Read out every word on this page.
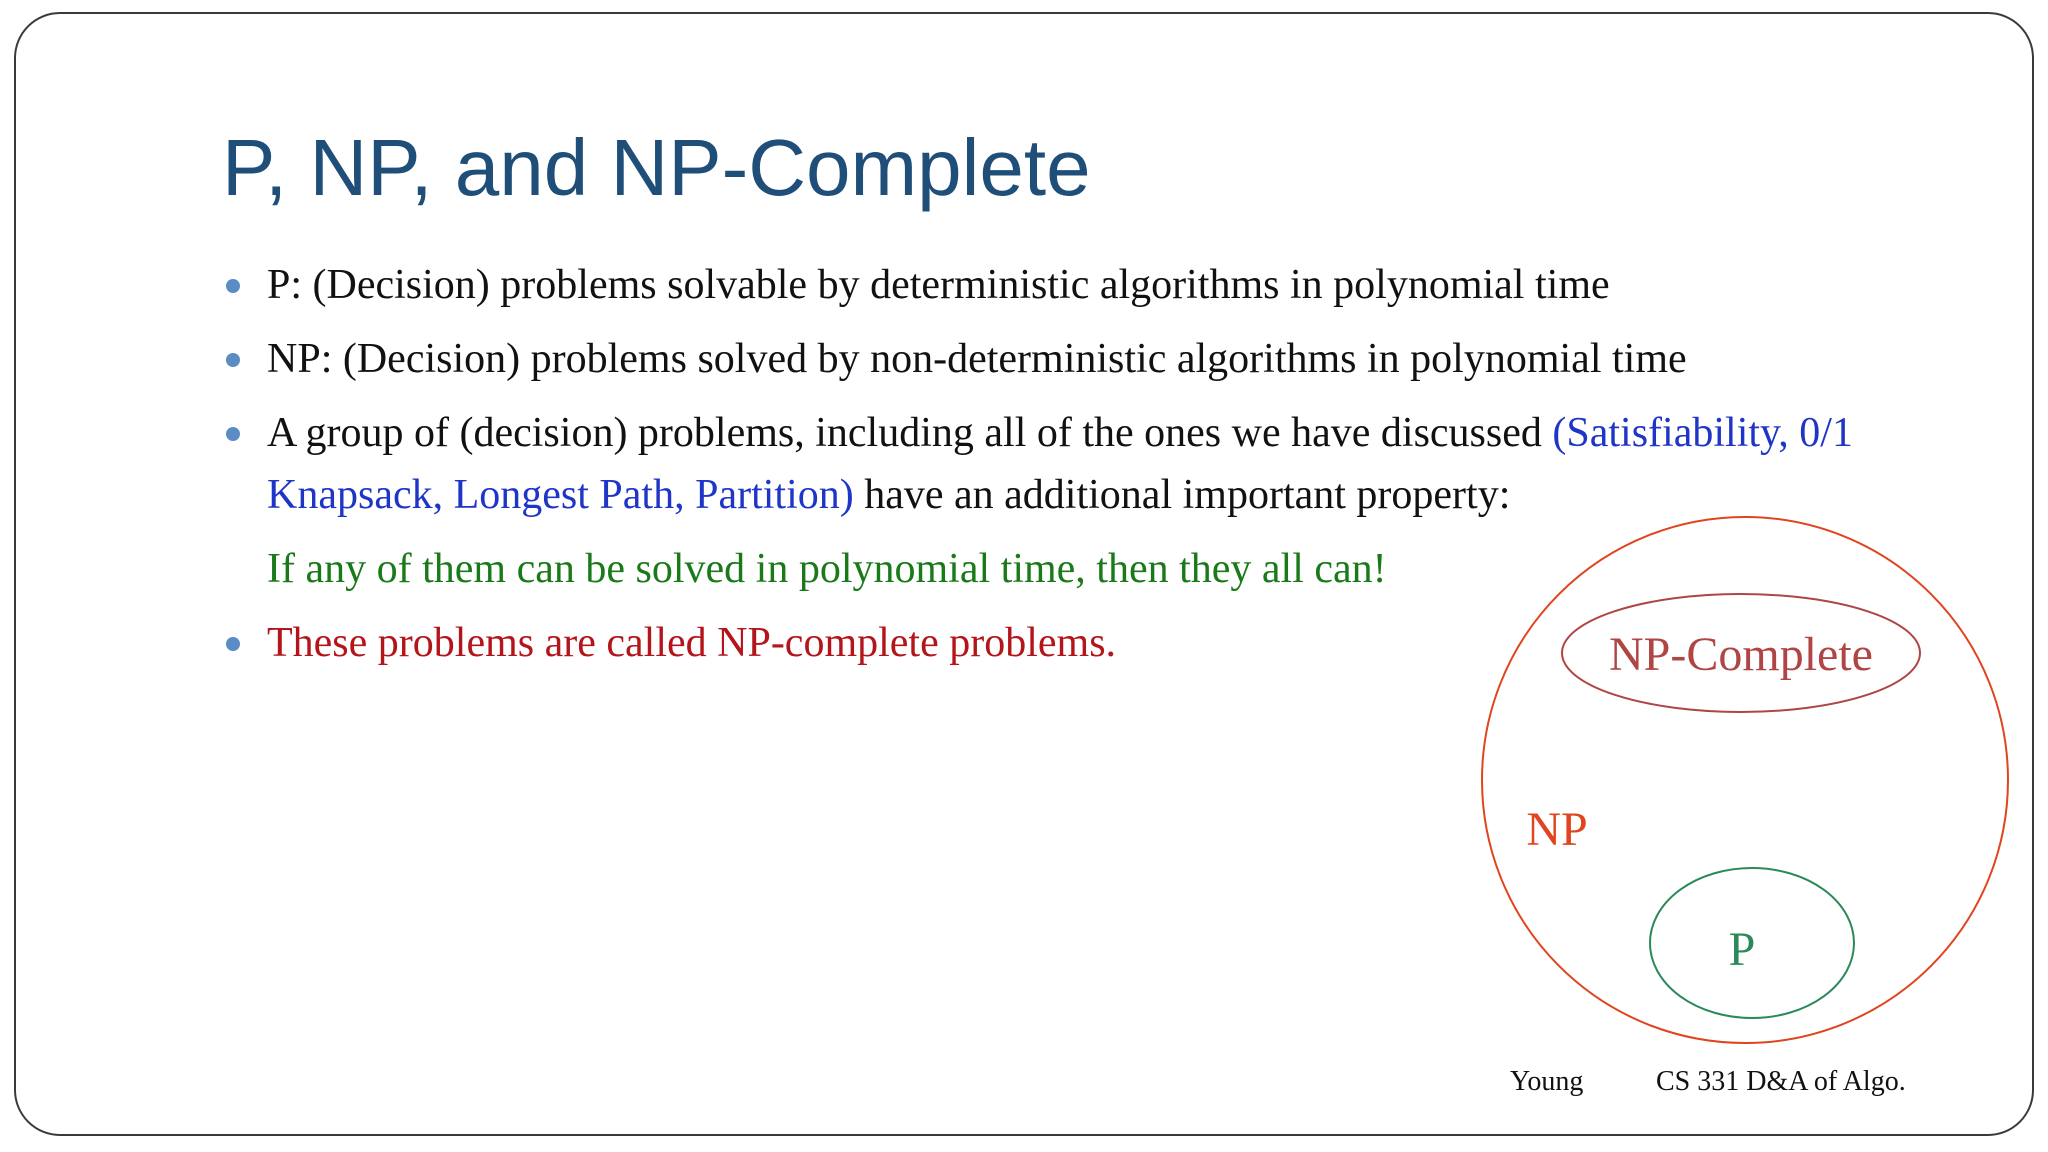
P, NP, and NP-Complete
P: (Decision) problems solvable by deterministic algorithms in polynomial time
NP: (Decision) problems solved by non-deterministic algorithms in polynomial time
A group of (decision) problems, including all of the ones we have discussed (Satisfiability, 0/1 Knapsack, Longest Path, Partition) have an additional important property:
If any of them can be solved in polynomial time, then they all can!
These problems are called NP-complete problems.	NP-Complete
NP
P
Young	CS 331 D&A of Algo.
